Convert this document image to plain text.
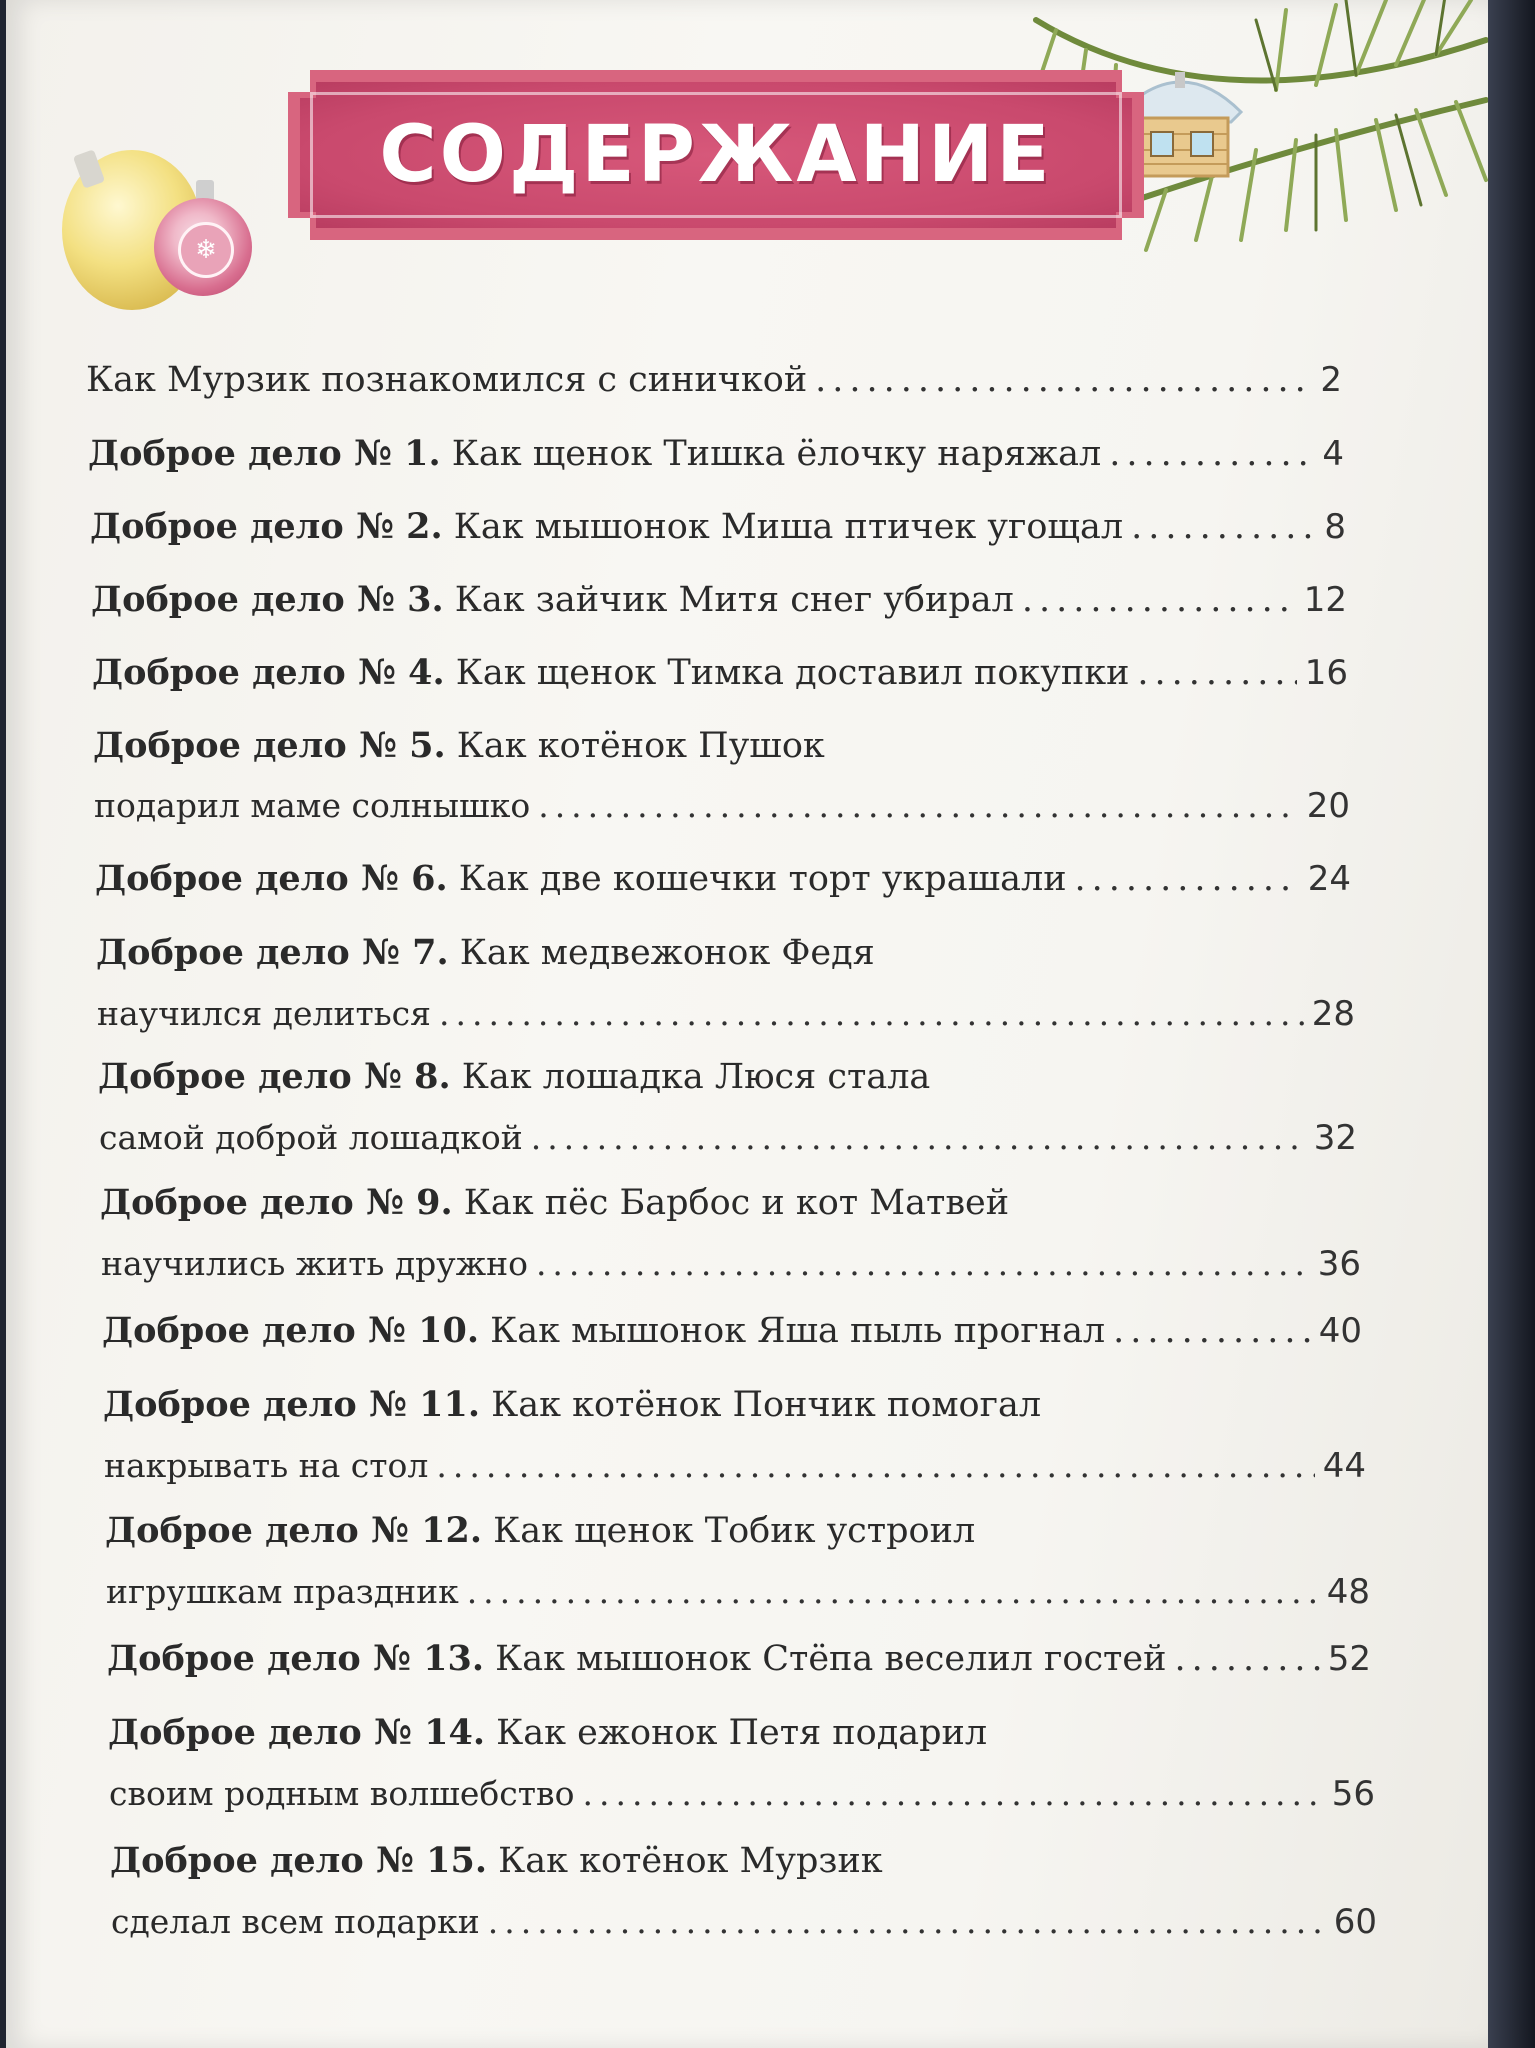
❄
СОДЕРЖАНИЕ
Как Мурзик познакомился с синичкой .....	2
Доброе дело № 1. Как щенок Тишка ёлочку наряжал .....	4
Доброе дело № 2. Как мышонок Миша птичек угощал .....	8
Доброе дело № 3. Как зайчик Митя снег убирал .....	12
Доброе дело № 4. Как щенок Тимка доставил покупки .....	16
Доброе дело № 5. Как котёнок Пушок
подарил маме солнышко .....	20
Доброе дело № 6. Как две кошечки торт украшали .....	24
Доброе дело № 7. Как медвежонок Федя
научился делиться .....	28
Доброе дело № 8. Как лошадка Люся стала
самой доброй лошадкой .....	32
Доброе дело № 9. Как пёс Барбос и кот Матвей
научились жить дружно .....	36
Доброе дело № 10. Как мышонок Яша пыль прогнал .....	40
Доброе дело № 11. Как котёнок Пончик помогал
накрывать на стол .....	44
Доброе дело № 12. Как щенок Тобик устроил
игрушкам праздник .....	48
Доброе дело № 13. Как мышонок Стёпа веселил гостей .....	52
Доброе дело № 14. Как ежонок Петя подарил
своим родным волшебство .....	56
Доброе дело № 15. Как котёнок Мурзик
сделал всем подарки .....	60
